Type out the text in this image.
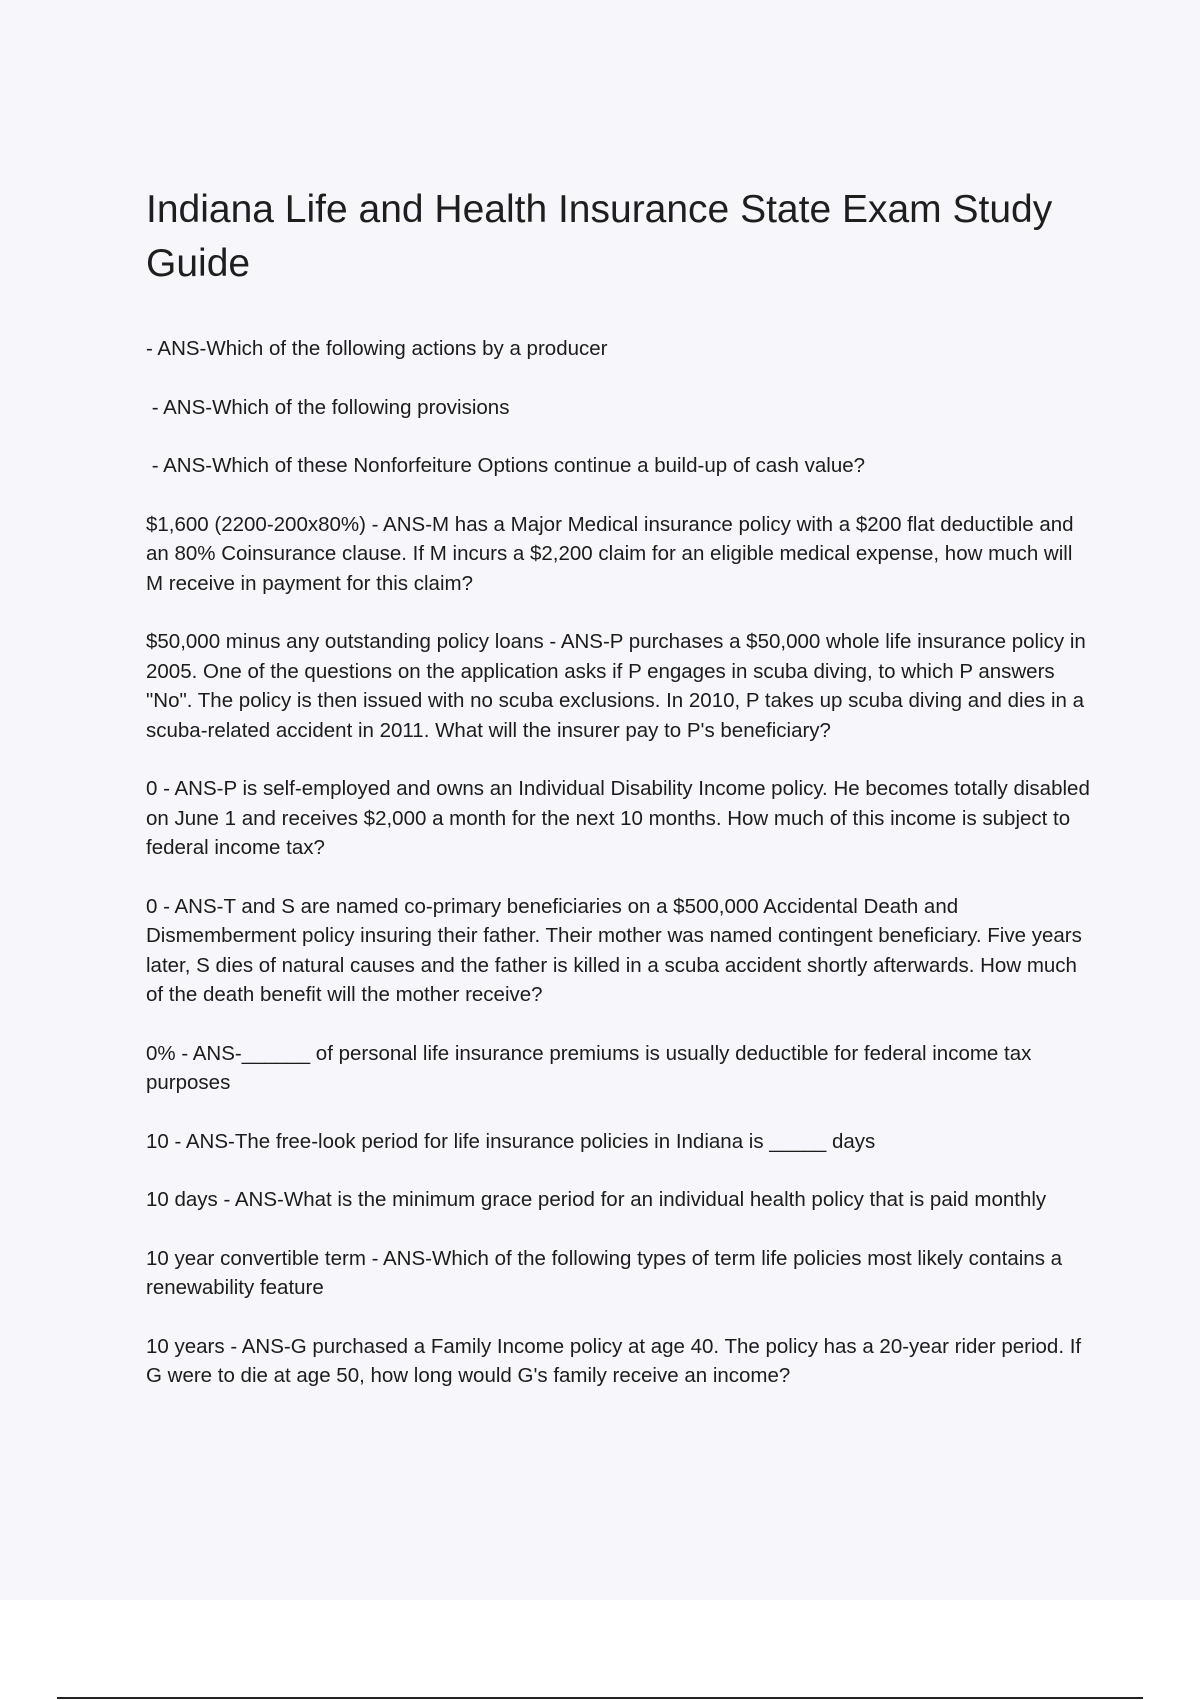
Indiana Life and Health Insurance State Exam Study Guide

- ANS-Which of the following actions by a producer

- ANS-Which of the following provisions

- ANS-Which of these Nonforfeiture Options continue a build-up of cash value?

$1,600 (2200-200x80%) - ANS-M has a Major Medical insurance policy with a $200 flat deductible and an 80% Coinsurance clause. If M incurs a $2,200 claim for an eligible medical expense, how much will M receive in payment for this claim?

$50,000 minus any outstanding policy loans - ANS-P purchases a $50,000 whole life insurance policy in 2005. One of the questions on the application asks if P engages in scuba diving, to which P answers "No". The policy is then issued with no scuba exclusions. In 2010, P takes up scuba diving and dies in a scuba-related accident in 2011. What will the insurer pay to P's beneficiary?

0 - ANS-P is self-employed and owns an Individual Disability Income policy. He becomes totally disabled on June 1 and receives $2,000 a month for the next 10 months. How much of this income is subject to federal income tax?

0 - ANS-T and S are named co-primary beneficiaries on a $500,000 Accidental Death and Dismemberment policy insuring their father. Their mother was named contingent beneficiary. Five years later, S dies of natural causes and the father is killed in a scuba accident shortly afterwards. How much of the death benefit will the mother receive?

0% - ANS-______ of personal life insurance premiums is usually deductible for federal income tax purposes

10 - ANS-The free-look period for life insurance policies in Indiana is _____ days

10 days - ANS-What is the minimum grace period for an individual health policy that is paid monthly

10 year convertible term - ANS-Which of the following types of term life policies most likely contains a renewability feature

10 years - ANS-G purchased a Family Income policy at age 40. The policy has a 20-year rider period. If G were to die at age 50, how long would G's family receive an income?
